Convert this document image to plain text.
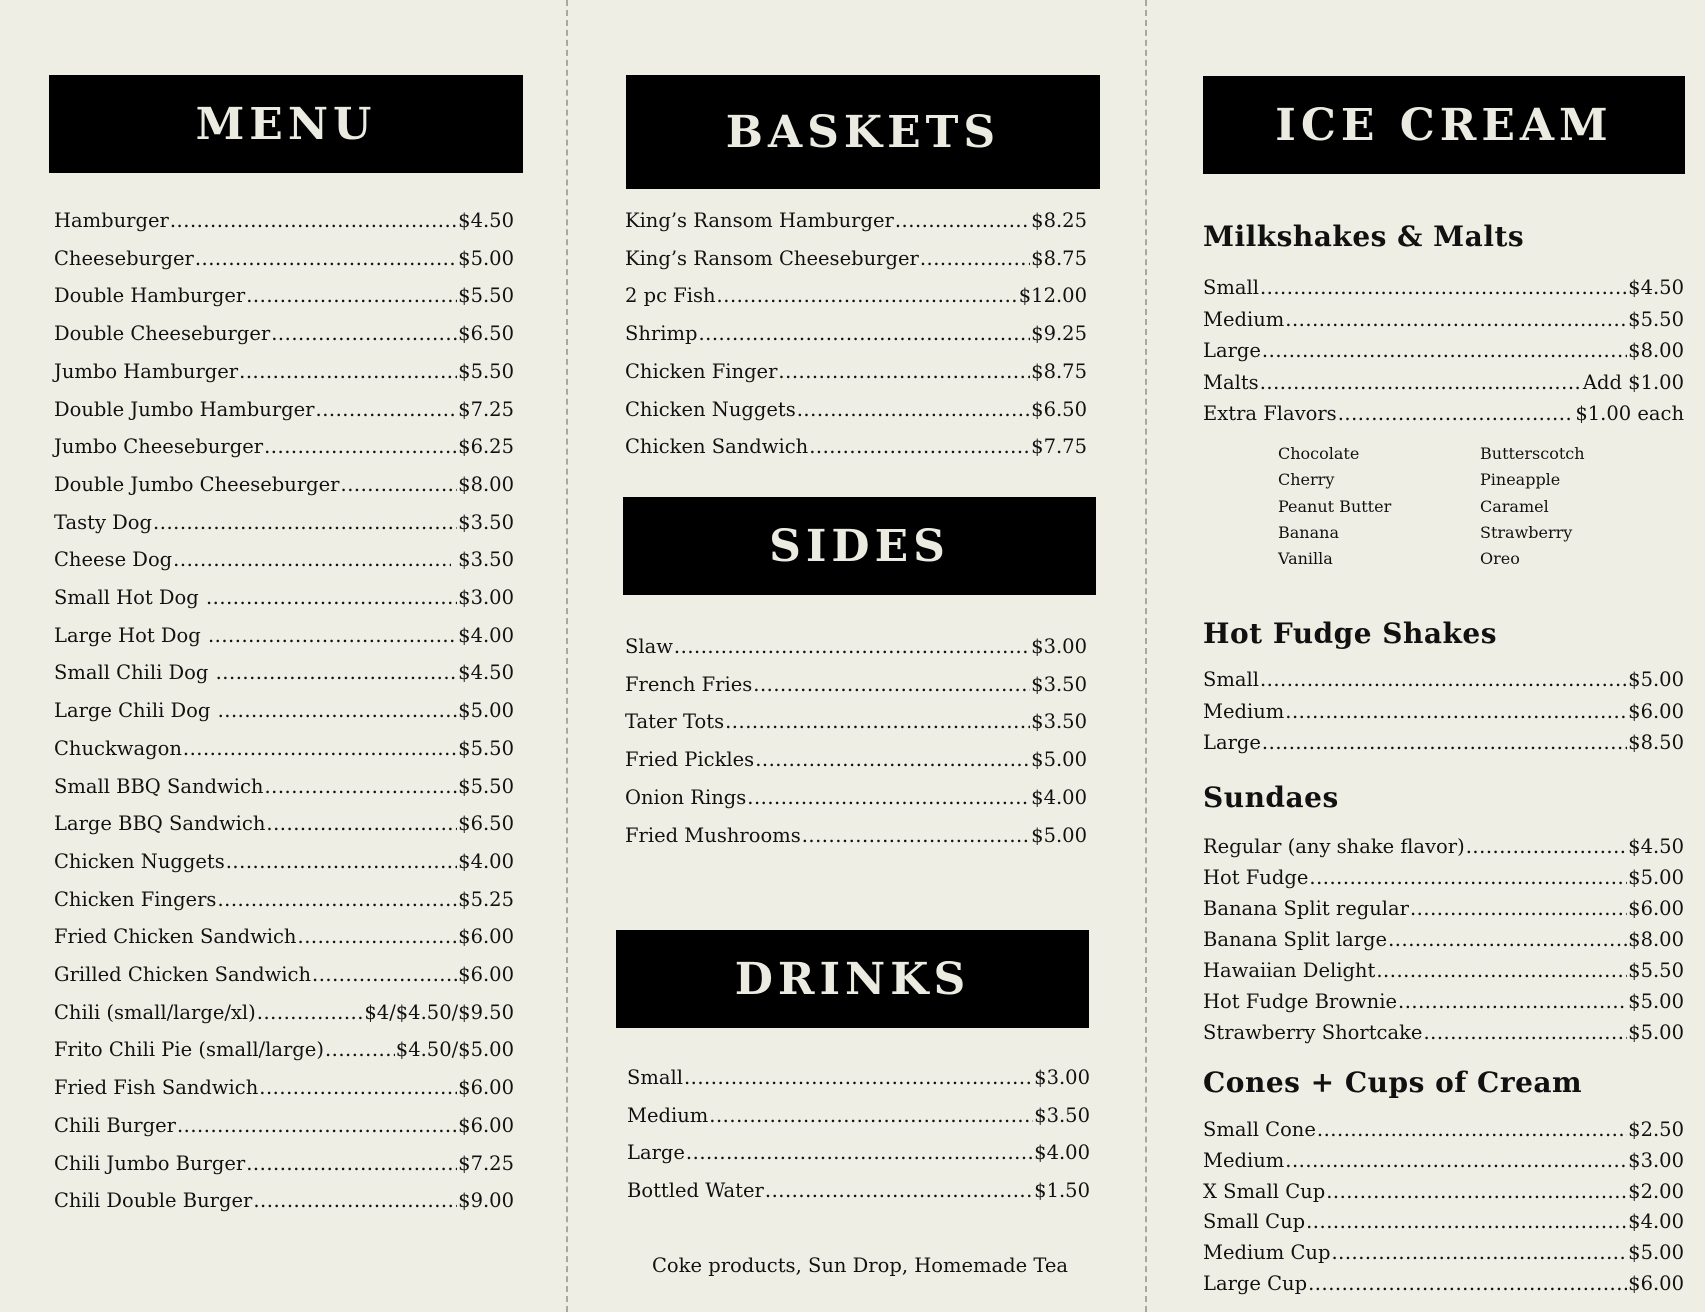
MENU	BASKETS
SIDES
DRINKS
ICE CREAM
Milkshakes & Malts
Hot Fudge Shakes
Sundaes
Cones + Cups of Cream
Coke products, Sun Drop, Homemade Tea
Hamburger .....	$4.50
Cheeseburger .....	$5.00
Double Hamburger .....	$5.50
Double Cheeseburger .....	$6.50
Jumbo Hamburger .....	$5.50
Double Jumbo Hamburger .....	$7.25
Jumbo Cheeseburger .....	$6.25
Double Jumbo Cheeseburger .....	$8.00
Tasty Dog .....	$3.50
Cheese Dog .....	$3.50
Small Hot Dog .....	$3.00
Large Hot Dog .....	$4.00
Small Chili Dog .....	$4.50
Large Chili Dog .....	$5.00
Chuckwagon .....	$5.50
Small BBQ Sandwich .....	$5.50
Large BBQ Sandwich .....	$6.50
Chicken Nuggets .....	$4.00
Chicken Fingers .....	$5.25
Fried Chicken Sandwich .....	$6.00
Grilled Chicken Sandwich .....	$6.00
Chili (small/large/xl) .....	$4/$4.50/$9.50
Frito Chili Pie (small/large) .....	$4.50/$5.00
Fried Fish Sandwich .....	$6.00
Chili Burger .....	$6.00
Chili Jumbo Burger .....	$7.25
Chili Double Burger .....	$9.00
King’s Ransom Hamburger .....	$8.25
King’s Ransom Cheeseburger .....	$8.75
2 pc Fish .....	$12.00
Shrimp .....	$9.25
Chicken Finger .....	$8.75
Chicken Nuggets .....	$6.50
Chicken Sandwich .....	$7.75
Slaw .....	$3.00
French Fries .....	$3.50
Tater Tots .....	$3.50
Fried Pickles .....	$5.00
Onion Rings .....	$4.00
Fried Mushrooms .....	$5.00
Small .....	$3.00
Medium .....	$3.50
Large .....	$4.00
Bottled Water .....	$1.50
Small .....	$4.50
Medium .....	$5.50
Large .....	$8.00
Malts .....	Add $1.00
Extra Flavors .....	$1.00 each
Small .....	$5.00
Medium .....	$6.00
Large .....	$8.50
Regular (any shake flavor) .....	$4.50
Hot Fudge .....	$5.00
Banana Split regular .....	$6.00
Banana Split large .....	$8.00
Hawaiian Delight .....	$5.50
Hot Fudge Brownie .....	$5.00
Strawberry Shortcake .....	$5.00
Small Cone .....	$2.50
Medium .....	$3.00
X Small Cup .....	$2.00
Small Cup .....	$4.00
Medium Cup .....	$5.00
Large Cup .....	$6.00
Chocolate
Cherry
Peanut Butter
Banana
Vanilla
Butterscotch
Pineapple
Caramel
Strawberry
Oreo
